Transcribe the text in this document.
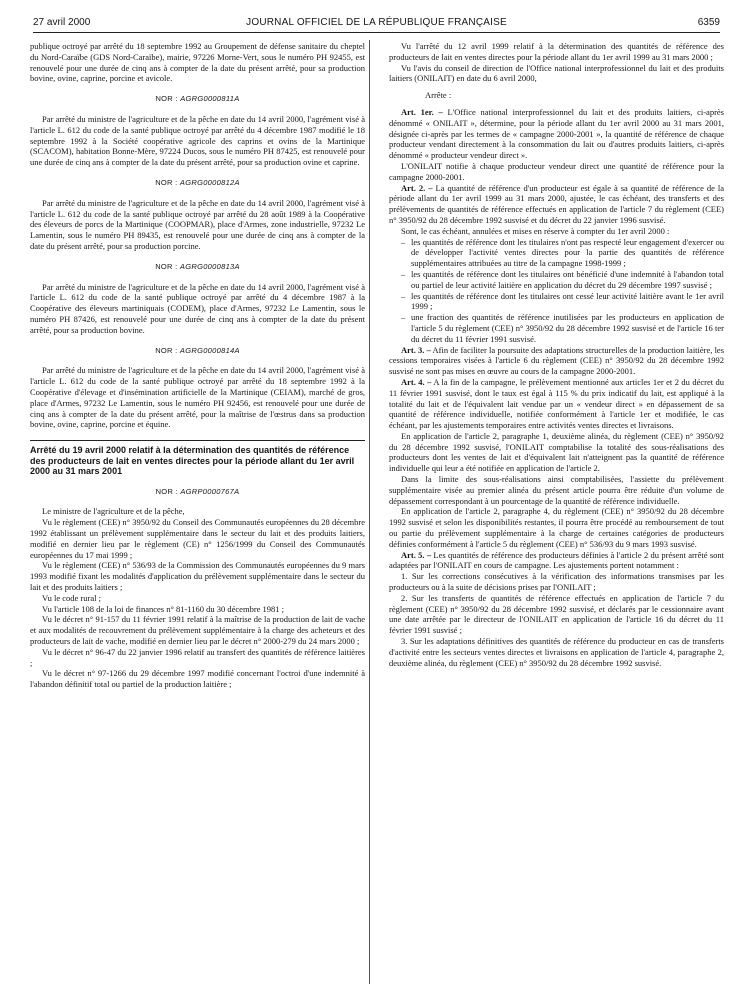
27 avril 2000	JOURNAL OFFICIEL DE LA RÉPUBLIQUE FRANÇAISE	6359

publique octroyé par arrêté du 18 septembre 1992 au Groupement de défense sanitaire du cheptel du Nord-Caraïbe (GDS Nord-Caraïbe), mairie, 97226 Morne-Vert, sous le numéro PH 92455, est renouvelé pour une durée de cinq ans à compter de la date du présent arrêté, pour sa production bovine, ovine, caprine, porcine et avicole.

NOR : AGRG0000811A

Par arrêté du ministre de l'agriculture et de la pêche en date du 14 avril 2000, l'agrément visé à l'article L. 612 du code de la santé publique octroyé par arrêté du 4 décembre 1987 modifié le 18 septembre 1992 à la Société coopérative agricole des caprins et ovins de la Martinique (SCACOM), habitation Bonne-Mère, 97224 Ducos, sous le numéro PH 87425, est renouvelé pour une durée de cinq ans à compter de la date du présent arrêté, pour sa production ovine et caprine.

NOR : AGRG0000812A

Par arrêté du ministre de l'agriculture et de la pêche en date du 14 avril 2000, l'agrément visé à l'article L. 612 du code de la santé publique octroyé par arrêté du 28 août 1989 à la Coopérative des éleveurs de porcs de la Martinique (COOPMAR), place d'Armes, zone industrielle, 97232 Le Lamentin, sous le numéro PH 89435, est renouvelé pour une durée de cinq ans à compter de la date du présent arrêté, pour sa production porcine.

NOR : AGRG0000813A

Par arrêté du ministre de l'agriculture et de la pêche en date du 14 avril 2000, l'agrément visé à l'article L. 612 du code de la santé publique octroyé par arrêté du 4 décembre 1987 à la Coopérative des éleveurs martiniquais (CODEM), place d'Armes, 97232 Le Lamentin, sous le numéro PH 87426, est renouvelé pour une durée de cinq ans à compter de la date du présent arrêté, pour sa production bovine.

NOR : AGRG0000814A

Par arrêté du ministre de l'agriculture et de la pêche en date du 14 avril 2000, l'agrément visé à l'article L. 612 du code de la santé publique octroyé par arrêté du 18 septembre 1992 à la Coopérative d'élevage et d'insémination artificielle de la Martinique (CEIAM), marché de gros, place d'Armes, 97232 Le Lamentin, sous le numéro PH 92456, est renouvelé pour une durée de cinq ans à compter de la date du présent arrêté, pour la maîtrise de l'œstrus dans sa production bovine, ovine, caprine, porcine et équine.

Arrêté du 19 avril 2000 relatif à la détermination des quantités de référence des producteurs de lait en ventes directes pour la période allant du 1er avril 2000 au 31 mars 2001

NOR : AGRP0000767A

Le ministre de l'agriculture et de la pêche,

Vu le règlement (CEE) n° 3950/92 du Conseil des Communautés européennes du 28 décembre 1992 établissant un prélèvement supplémentaire dans le secteur du lait et des produits laitiers, modifié en dernier lieu par le règlement (CE) n° 1256/1999 du Conseil des Communautés européennes du 17 mai 1999 ;

Vu le règlement (CEE) n° 536/93 de la Commission des Communautés européennes du 9 mars 1993 modifié fixant les modalités d'application du prélèvement supplémentaire dans le secteur du lait et des produits laitiers ;

Vu le code rural ;

Vu l'article 108 de la loi de finances n° 81-1160 du 30 décembre 1981 ;

Vu le décret n° 91-157 du 11 février 1991 relatif à la maîtrise de la production de lait de vache et aux modalités de recouvrement du prélèvement supplémentaire à la charge des acheteurs et des producteurs de lait de vache, modifié en dernier lieu par le décret n° 2000-279 du 24 mars 2000 ;

Vu le décret n° 96-47 du 22 janvier 1996 relatif au transfert des quantités de référence laitières ;

Vu le décret n° 97-1266 du 29 décembre 1997 modifié concernant l'octroi d'une indemnité à l'abandon définitif total ou partiel de la production laitière ;

Vu l'arrêté du 12 avril 1999 relatif à la détermination des quantités de référence des producteurs de lait en ventes directes pour la période allant du 1er avril 1999 au 31 mars 2000 ;

Vu l'avis du conseil de direction de l'Office national interprofessionnel du lait et des produits laitiers (ONILAIT) en date du 6 avril 2000,

Arrête :

Art. 1er. – L'Office national interprofessionnel du lait et des produits laitiers, ci-après dénommé « ONILAIT », détermine, pour la période allant du 1er avril 2000 au 31 mars 2001, désignée ci-après par les termes de « campagne 2000-2001 », la quantité de référence de chaque producteur vendant directement à la consommation du lait ou d'autres produits laitiers, ci-après dénommé « producteur vendeur direct ».

L'ONILAIT notifie à chaque producteur vendeur direct une quantité de référence pour la campagne 2000-2001.

Art. 2. – La quantité de référence d'un producteur est égale à sa quantité de référence de la période allant du 1er avril 1999 au 31 mars 2000, ajustée, le cas échéant, des transferts et des prélèvements de quantités de référence effectués en application de l'article 7 du règlement (CEE) n° 3950/92 du 28 décembre 1992 susvisé et du décret du 22 janvier 1996 susvisé.

Sont, le cas échéant, annulées et mises en réserve à compter du 1er avril 2000 :

– les quantités de référence dont les titulaires n'ont pas respecté leur engagement d'exercer ou de développer l'activité ventes directes pour la partie des quantités de référence supplémentaires attribuées au titre de la campagne 1998-1999 ;
– les quantités de référence dont les titulaires ont bénéficié d'une indemnité à l'abandon total ou partiel de leur activité laitière en application du décret du 29 décembre 1997 susvisé ;
– les quantités de référence dont les titulaires ont cessé leur activité laitière avant le 1er avril 1999 ;
– une fraction des quantités de référence inutilisées par les producteurs en application de l'article 5 du règlement (CEE) n° 3950/92 du 28 décembre 1992 susvisé et de l'article 16 ter du décret du 11 février 1991 susvisé.

Art. 3. – Afin de faciliter la poursuite des adaptations structurelles de la production laitière, les cessions temporaires visées à l'article 6 du règlement (CEE) n° 3950/92 du 28 décembre 1992 susvisé ne sont pas mises en œuvre au cours de la campagne 2000-2001.

Art. 4. – A la fin de la campagne, le prélèvement mentionné aux articles 1er et 2 du décret du 11 février 1991 susvisé, dont le taux est égal à 115 % du prix indicatif du lait, est appliqué à la totalité du lait et de l'équivalent lait vendue par un « vendeur direct » en dépassement de sa quantité de référence individuelle, notifiée conformément à l'article 1er et modifiée, le cas échéant, par les ajustements temporaires entre activités ventes directes et livraisons.

En application de l'article 2, paragraphe 1, deuxième alinéa, du règlement (CEE) n° 3950/92 du 28 décembre 1992 susvisé, l'ONILAIT comptabilise la totalité des sous-réalisations des producteurs dont les ventes de lait et d'équivalent lait n'atteignent pas la quantité de référence individuelle qui leur a été notifiée en application de l'article 2.

Dans la limite des sous-réalisations ainsi comptabilisées, l'assiette du prélèvement supplémentaire visée au premier alinéa du présent article pourra être réduite d'un volume de dépassement correspondant à un pourcentage de la quantité de référence individuelle.

En application de l'article 2, paragraphe 4, du règlement (CEE) n° 3950/92 du 28 décembre 1992 susvisé et selon les disponibilités restantes, il pourra être procédé au remboursement de tout ou partie du prélèvement supplémentaire à la charge de certaines catégories de producteurs définies conformément à l'article 5 du règlement (CEE) n° 536/93 du 9 mars 1993 susvisé.

Art. 5. – Les quantités de référence des producteurs définies à l'article 2 du présent arrêté sont adaptées par l'ONILAIT en cours de campagne. Les ajustements portent notamment :

1. Sur les corrections consécutives à la vérification des informations transmises par les producteurs ou à la suite de décisions prises par l'ONILAIT ;

2. Sur les transferts de quantités de référence effectués en application de l'article 7 du règlement (CEE) n° 3950/92 du 28 décembre 1992 susvisé, et déclarés par le cessionnaire avant une date arrêtée par le directeur de l'ONILAIT en application de l'article 16 du décret du 11 février 1991 susvisé ;

3. Sur les adaptations définitives des quantités de référence du producteur en cas de transferts d'activité entre les secteurs ventes directes et livraisons en application de l'article 4, paragraphe 2, deuxième alinéa, du règlement (CEE) n° 3950/92 du 28 décembre 1992 susvisé.
